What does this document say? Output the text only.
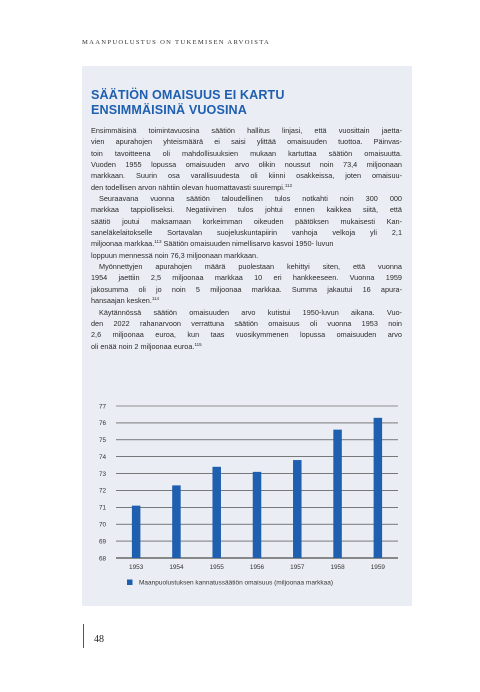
MAANPUOLUSTUS ON TUKEMISEN ARVOISTA
SÄÄTIÖN OMAISUUS EI KARTU
ENSIMMÄISINÄ VUOSINA
Ensimmäisinä toimintavuosina säätiön hallitus linjasi, että vuosittain jaetta-
vien apurahojen yhteismäärä ei saisi ylittää omaisuuden tuottoa. Päinvas-
toin tavoitteena oli mahdollisuuksien mukaan kartuttaa säätiön omaisuutta.
Vuoden 1955 lopussa omaisuuden arvo olikin noussut noin 73,4 miljoonaan
markkaan. Suurin osa varallisuudesta oli kiinni osakkeissa, joten omaisuu-
den todellisen arvon nähtiin olevan huomattavasti suurempi.$^{112}$
Seuraavana vuonna säätiön taloudellinen tulos notkahti noin 300 000
markkaa tappiolliseksi. Negatiivinen tulos johtui ennen kaikkea siitä, että
säätiö joutui maksamaan korkeimman oikeuden päätöksen mukaisesti Kan-
saneläkelaitokselle Sortavalan suojeluskuntapiirin vanhoja velkoja yli 2,1
miljoonaa markkaa.$^{113}$ Säätiön omaisuuden nimellisarvo kasvoi 1950- luvun
loppuun mennessä noin 76,3 miljoonaan markkaan.
Myönnettyjen apurahojen määrä puolestaan kehittyi siten, että vuonna
1954 jaettiin 2,5 miljoonaa markkaa 10 eri hankkeeseen. Vuonna 1959
jakosumma oli jo noin 5 miljoonaa markkaa. Summa jakautui 16 apura-
hansaajan kesken.$^{114}$
Käytännössä säätiön omaisuuden arvo kutistui 1950-luvun aikana. Vuo-
den 2022 rahanarvoon verrattuna säätiön omaisuus oli vuonna 1953 noin
2,6 miljoonaa euroa, kun taas vuosikymmenen lopussa omaisuuden arvo
oli enää noin 2 miljoonaa euroa.$^{115}$
68
69
70
71
72
73
74
75
76
77
1953	1954	1955	1956	1957	1958	1959
Maanpuolustuksen kannatussäätiön omaisuus (miljoonaa markkaa)
48
